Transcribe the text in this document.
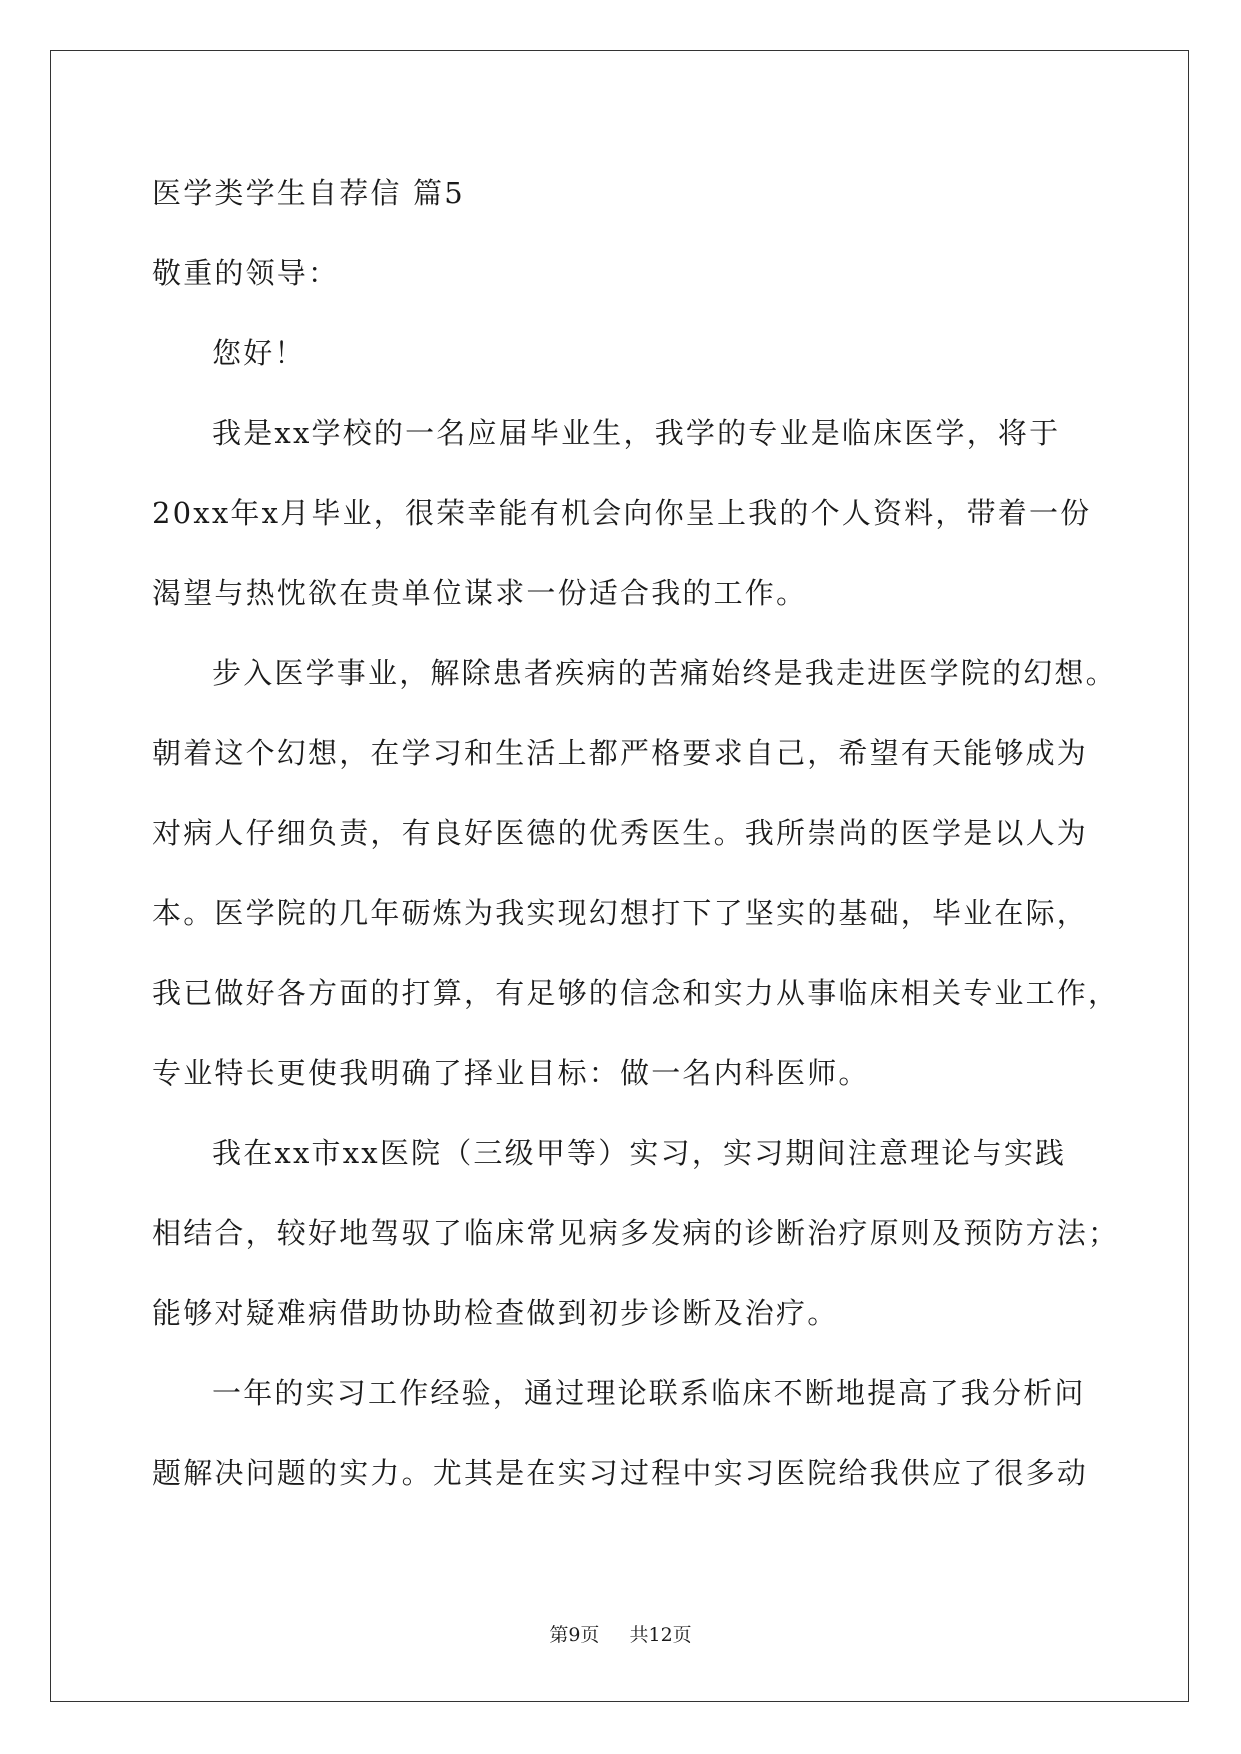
医学类学生自荐信 篇5
敬重的领导：
您好！
我是xx学校的一名应届毕业生，我学的专业是临床医学，将于
20xx年x月毕业，很荣幸能有机会向你呈上我的个人资料，带着一份
渴望与热忱欲在贵单位谋求一份适合我的工作。
步入医学事业，解除患者疾病的苦痛始终是我走进医学院的幻想。
朝着这个幻想，在学习和生活上都严格要求自己，希望有天能够成为
对病人仔细负责，有良好医德的优秀医生。我所崇尚的医学是以人为
本。医学院的几年砺炼为我实现幻想打下了坚实的基础，毕业在际，
我已做好各方面的打算，有足够的信念和实力从事临床相关专业工作，
专业特长更使我明确了择业目标：做一名内科医师。
我在xx市xx医院（三级甲等）实习，实习期间注意理论与实践
相结合，较好地驾驭了临床常见病多发病的诊断治疗原则及预防方法；
能够对疑难病借助协助检查做到初步诊断及治疗。
一年的实习工作经验，通过理论联系临床不断地提高了我分析问
题解决问题的实力。尤其是在实习过程中实习医院给我供应了很多动
第9页 共12页
